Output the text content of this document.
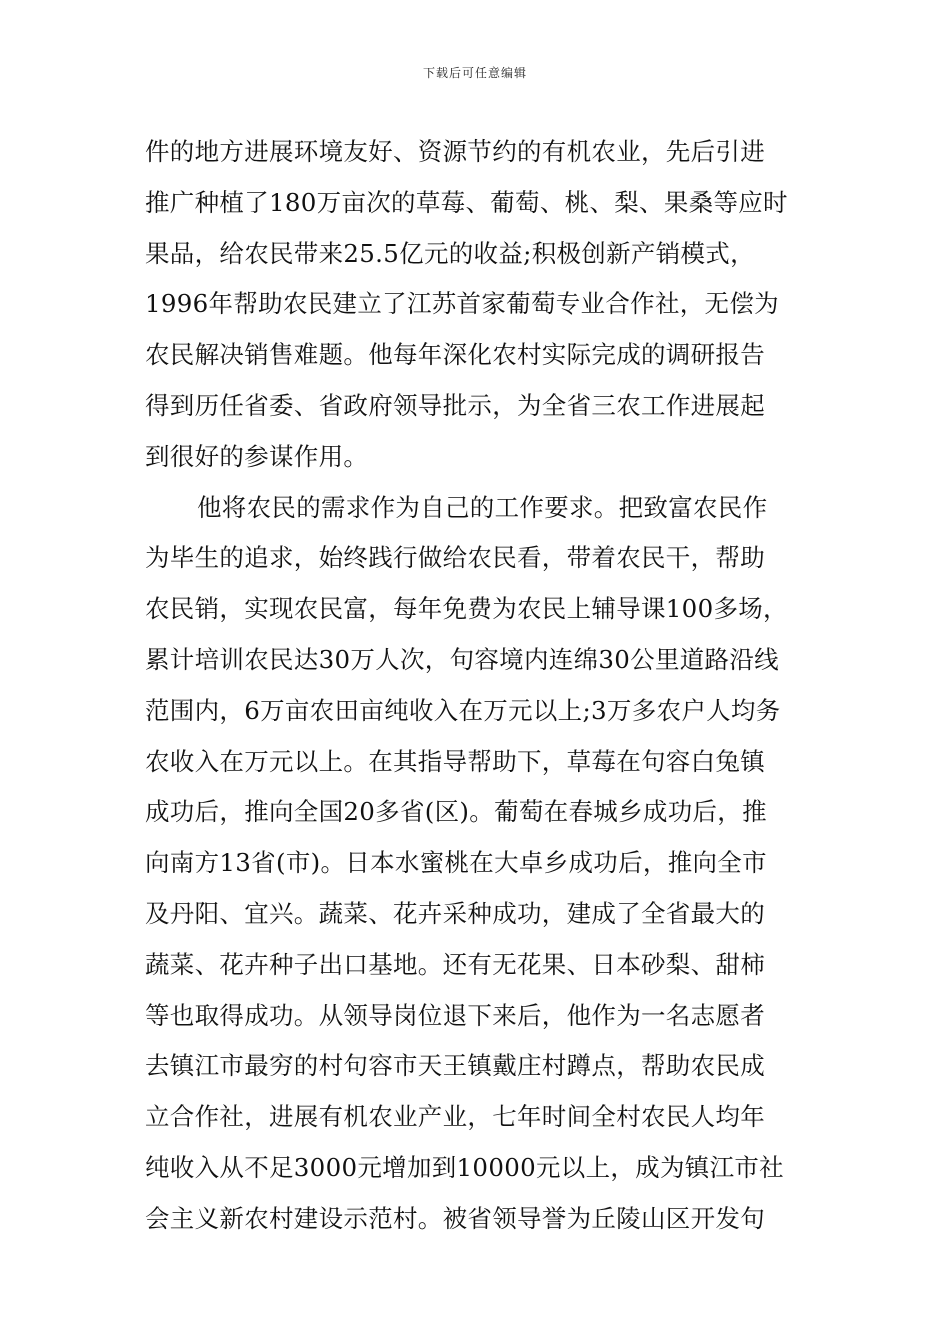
下载后可任意编辑
件的地方进展环境友好、资源节约的有机农业，先后引进
推广种植了180万亩次的草莓、葡萄、桃、梨、果桑等应时
果品，给农民带来25.5亿元的收益;积极创新产销模式，
1996年帮助农民建立了江苏首家葡萄专业合作社，无偿为
农民解决销售难题。他每年深化农村实际完成的调研报告
得到历任省委、省政府领导批示，为全省三农工作进展起
到很好的参谋作用。
他将农民的需求作为自己的工作要求。把致富农民作
为毕生的追求，始终践行做给农民看，带着农民干，帮助
农民销，实现农民富，每年免费为农民上辅导课100多场，
累计培训农民达30万人次，句容境内连绵30公里道路沿线
范围内，6万亩农田亩纯收入在万元以上;3万多农户人均务
农收入在万元以上。在其指导帮助下，草莓在句容白兔镇
成功后，推向全国20多省(区)。葡萄在春城乡成功后，推
向南方13省(市)。日本水蜜桃在大卓乡成功后，推向全市
及丹阳、宜兴。蔬菜、花卉采种成功，建成了全省最大的
蔬菜、花卉种子出口基地。还有无花果、日本砂梨、甜柿
等也取得成功。从领导岗位退下来后，他作为一名志愿者
去镇江市最穷的村句容市天王镇戴庄村蹲点，帮助农民成
立合作社，进展有机农业产业，七年时间全村农民人均年
纯收入从不足3000元增加到10000元以上，成为镇江市社
会主义新农村建设示范村。被省领导誉为丘陵山区开发句
